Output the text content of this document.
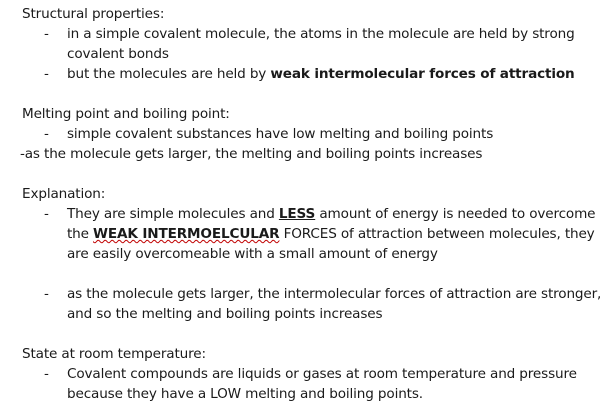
Structural properties:
- in a simple covalent molecule, the atoms in the molecule are held by strong
covalent bonds
- but the molecules are held by weak intermolecular forces of attraction
Melting point and boiling point:
- simple covalent substances have low melting and boiling points
-as the molecule gets larger, the melting and boiling points increases
Explanation:
- They are simple molecules and LESS amount of energy is needed to overcome
the WEAK INTERMOELCULAR FORCES of attraction between molecules, they
are easily overcomeable with a small amount of energy
- as the molecule gets larger, the intermolecular forces of attraction are stronger,
and so the melting and boiling points increases
State at room temperature:
- Covalent compounds are liquids or gases at room temperature and pressure
because they have a LOW melting and boiling points.
